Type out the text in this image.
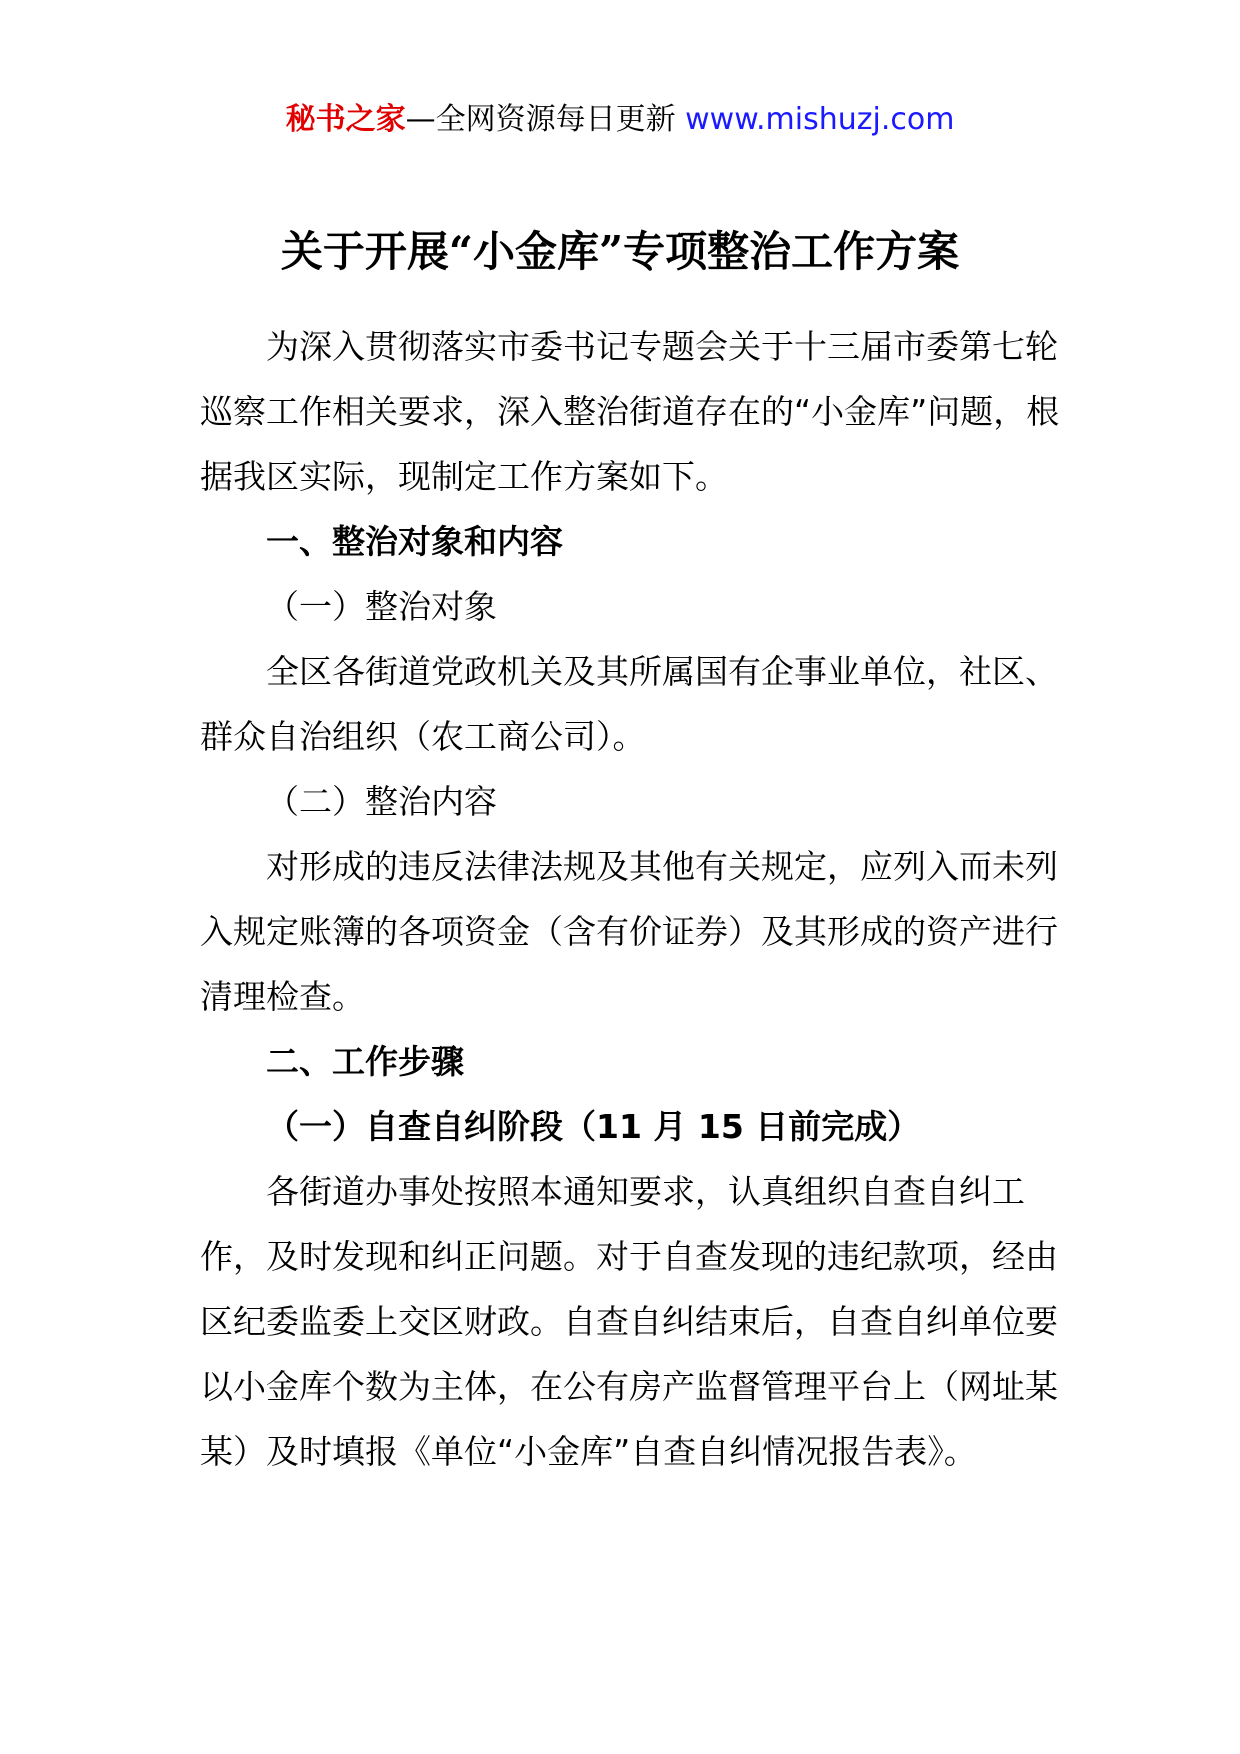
秘书之家—全网资源每日更新 www.mishuzj.com
关于开展“小金库”专项整治工作方案

为深入贯彻落实市委书记专题会关于十三届市委第七轮巡察工作相关要求，深入整治街道存在的“小金库”问题，根据我区实际，现制定工作方案如下。

一、整治对象和内容

（一）整治对象

全区各街道党政机关及其所属国有企事业单位，社区、群众自治组织（农工商公司）。

（二）整治内容

对形成的违反法律法规及其他有关规定，应列入而未列入规定账簿的各项资金（含有价证券）及其形成的资产进行清理检查。

二、工作步骤

（一）自查自纠阶段（11 月 15 日前完成）

各街道办事处按照本通知要求，认真组织自查自纠工作，及时发现和纠正问题。对于自查发现的违纪款项，经由区纪委监委上交区财政。自查自纠结束后，自查自纠单位要以小金库个数为主体，在公有房产监督管理平台上（网址某某）及时填报《单位“小金库”自查自纠情况报告表》。
